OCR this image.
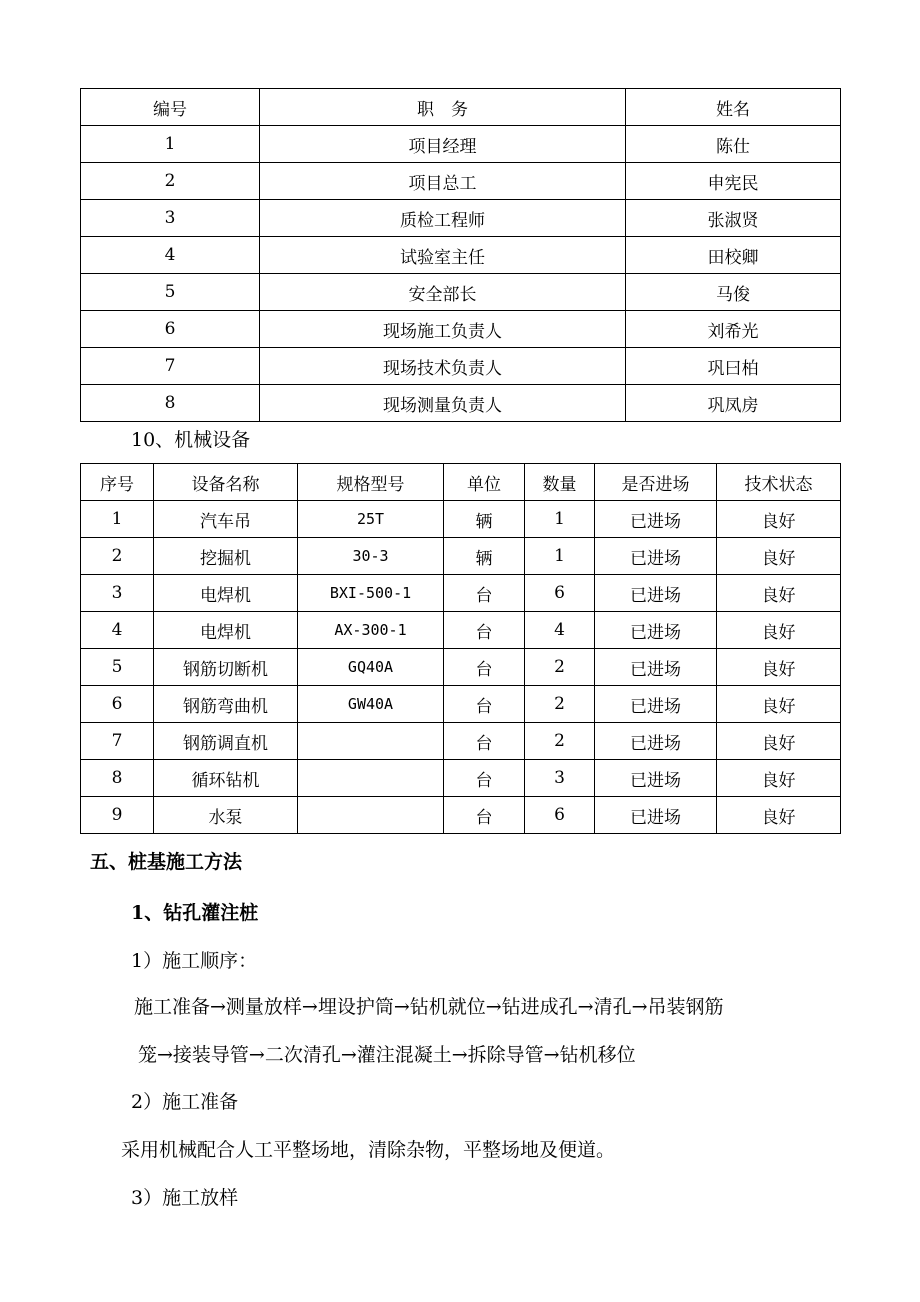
编号	职　务	姓名
1	项目经理	陈仕
2	项目总工	申宪民
3	质检工程师	张淑贤
4	试验室主任	田校卿
5	安全部长	马俊
6	现场施工负责人	刘希光
7	现场技术负责人	巩曰柏
8	现场测量负责人	巩凤房
10、机械设备
序号	设备名称	规格型号	单位	数量	是否进场	技术状态
1	汽车吊	25T	辆	1	已进场	良好
2	挖掘机	30-3	辆	1	已进场	良好
3	电焊机	BXI-500-1	台	6	已进场	良好
4	电焊机	AX-300-1	台	4	已进场	良好
5	钢筋切断机	GQ40A	台	2	已进场	良好
6	钢筋弯曲机	GW40A	台	2	已进场	良好
7	钢筋调直机		台	2	已进场	良好
8	循环钻机		台	3	已进场	良好
9	水泵		台	6	已进场	良好
五、桩基施工方法
1、钻孔灌注桩
1）施工顺序：
施工准备→测量放样→埋设护筒→钻机就位→钻进成孔→清孔→吊装钢筋
笼→接装导管→二次清孔→灌注混凝土→拆除导管→钻机移位
2）施工准备
采用机械配合人工平整场地，清除杂物，平整场地及便道。
3）施工放样
